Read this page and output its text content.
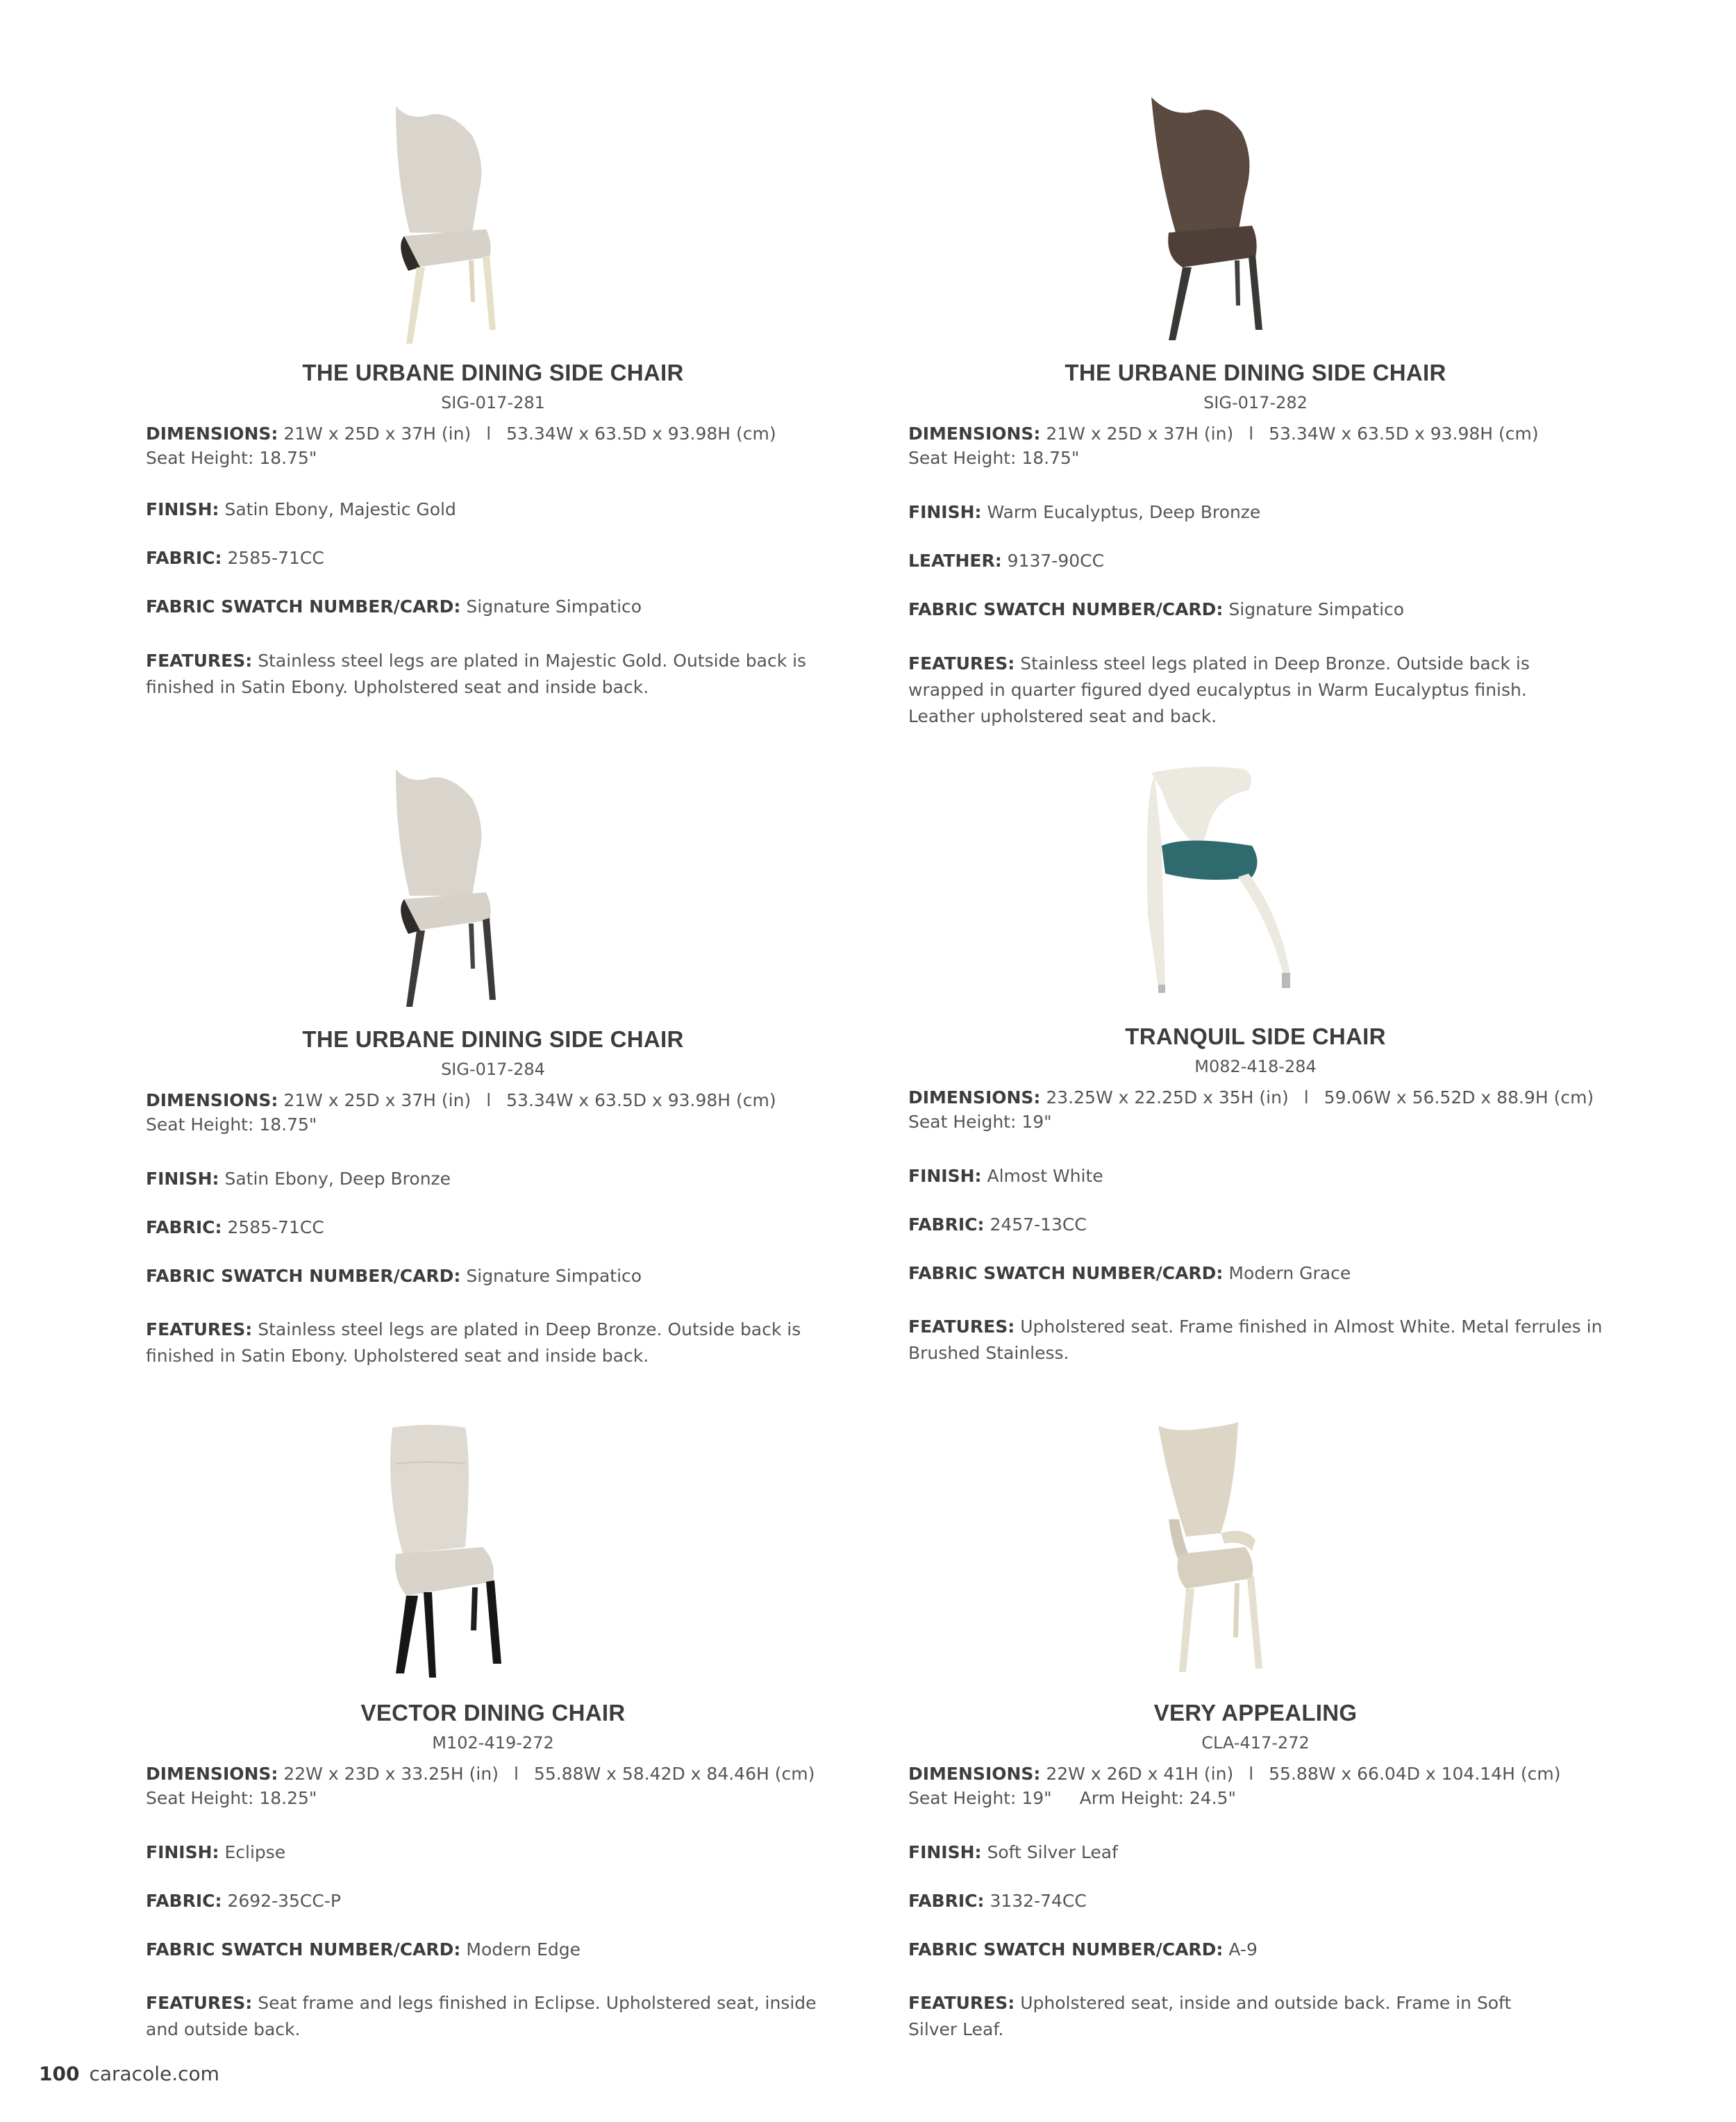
THE URBANE DINING SIDE CHAIR

SIG-017-281

DIMENSIONS: 21W x 25D x 37H (in) l 53.34W x 63.5D x 93.98H (cm)

Seat Height: 18.75"

FINISH: Satin Ebony, Majestic Gold

FABRIC: 2585-71CC

FABRIC SWATCH NUMBER/CARD: Signature Simpatico

FEATURES: Stainless steel legs are plated in Majestic Gold. Outside back is finished in Satin Ebony. Upholstered seat and inside back.

THE URBANE DINING SIDE CHAIR

SIG-017-282

DIMENSIONS: 21W x 25D x 37H (in) l 53.34W x 63.5D x 93.98H (cm)

Seat Height: 18.75"

FINISH: Warm Eucalyptus, Deep Bronze

LEATHER: 9137-90CC

FABRIC SWATCH NUMBER/CARD: Signature Simpatico

FEATURES: Stainless steel legs plated in Deep Bronze. Outside back is wrapped in quarter figured dyed eucalyptus in Warm Eucalyptus finish. Leather upholstered seat and back.

THE URBANE DINING SIDE CHAIR

SIG-017-284

DIMENSIONS: 21W x 25D x 37H (in) l 53.34W x 63.5D x 93.98H (cm)

Seat Height: 18.75"

FINISH: Satin Ebony, Deep Bronze

FABRIC: 2585-71CC

FABRIC SWATCH NUMBER/CARD: Signature Simpatico

FEATURES: Stainless steel legs are plated in Deep Bronze. Outside back is finished in Satin Ebony. Upholstered seat and inside back.

TRANQUIL SIDE CHAIR

M082-418-284

DIMENSIONS: 23.25W x 22.25D x 35H (in) l 59.06W x 56.52D x 88.9H (cm)

Seat Height: 19"

FINISH: Almost White

FABRIC: 2457-13CC

FABRIC SWATCH NUMBER/CARD: Modern Grace

FEATURES: Upholstered seat. Frame finished in Almost White. Metal ferrules in Brushed Stainless.

VECTOR DINING CHAIR

M102-419-272

DIMENSIONS: 22W x 23D x 33.25H (in) l 55.88W x 58.42D x 84.46H (cm)

Seat Height: 18.25"

FINISH: Eclipse

FABRIC: 2692-35CC-P

FABRIC SWATCH NUMBER/CARD: Modern Edge

FEATURES: Seat frame and legs finished in Eclipse. Upholstered seat, inside and outside back.

VERY APPEALING

CLA-417-272

DIMENSIONS: 22W x 26D x 41H (in) l 55.88W x 66.04D x 104.14H (cm)

Seat Height: 19" Arm Height: 24.5"

FINISH: Soft Silver Leaf

FABRIC: 3132-74CC

FABRIC SWATCH NUMBER/CARD: A-9

FEATURES: Upholstered seat, inside and outside back. Frame in Soft Silver Leaf.

100 caracole.com
